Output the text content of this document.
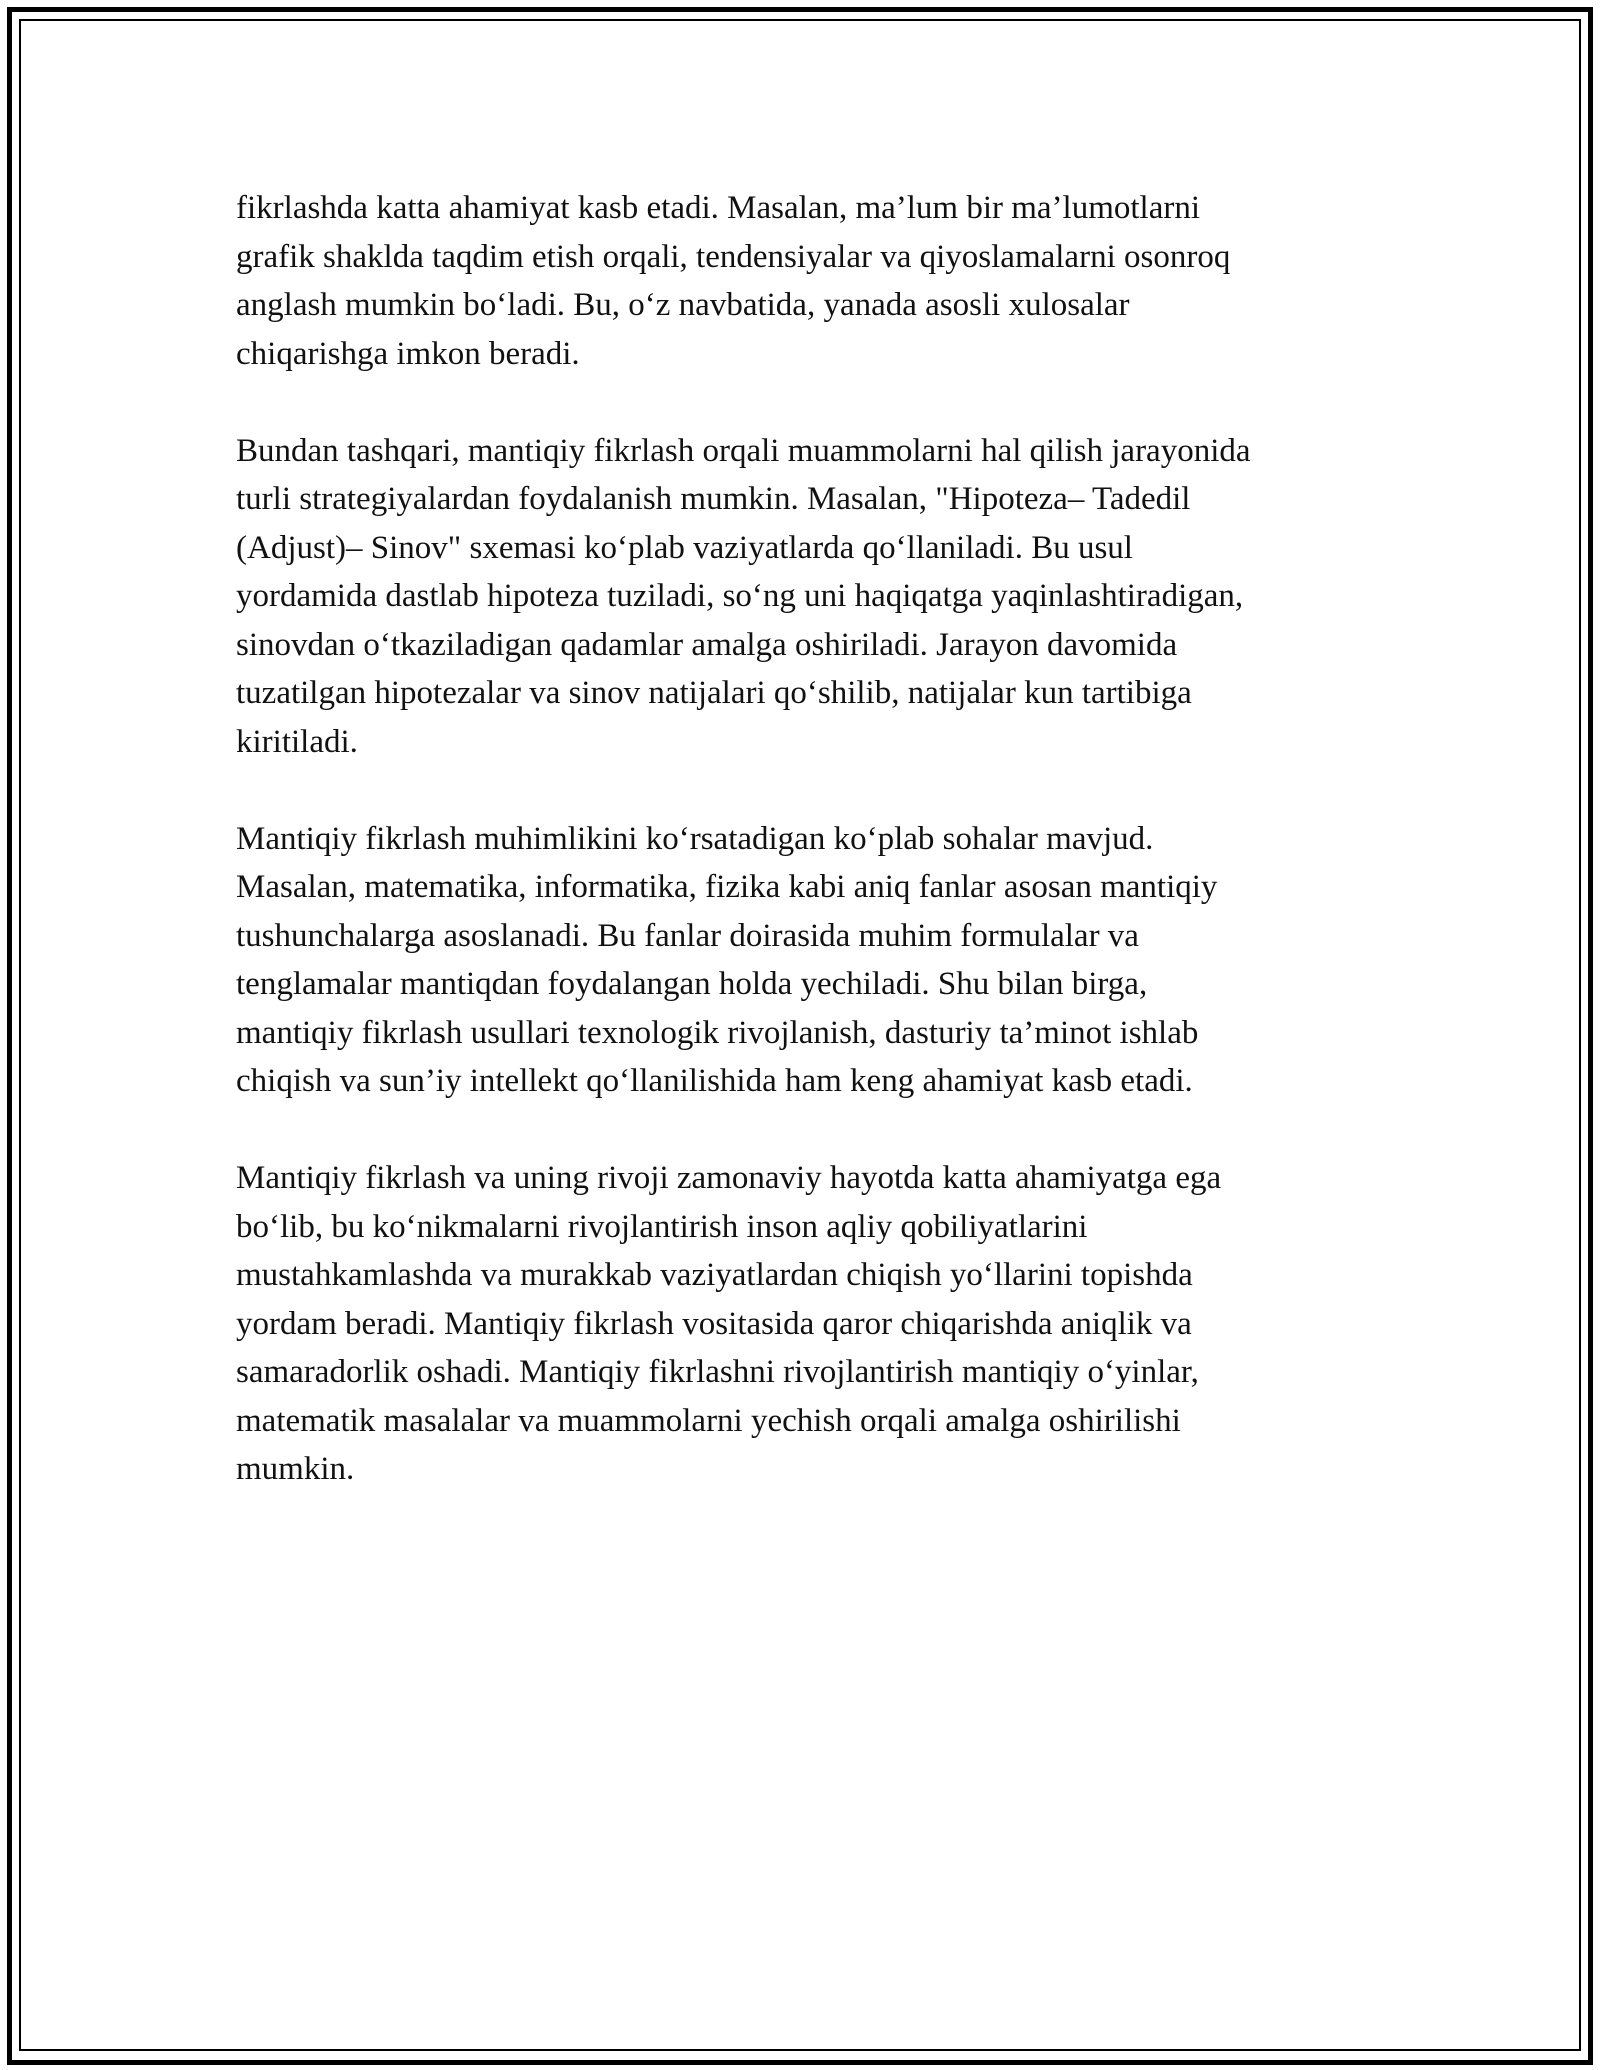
fikrlashda katta ahamiyat kasb etadi. Masalan, ma’lum bir ma’lumotlarni
grafik shaklda taqdim etish orqali, tendensiyalar va qiyoslamalarni osonroq
anglash mumkin bo‘ladi. Bu, o‘z navbatida, yanada asosli xulosalar
chiqarishga imkon beradi.

Bundan tashqari, mantiqiy fikrlash orqali muammolarni hal qilish jarayonida
turli strategiyalardan foydalanish mumkin. Masalan, "Hipoteza– Tadedil
(Adjust)– Sinov" sxemasi ko‘plab vaziyatlarda qo‘llaniladi. Bu usul
yordamida dastlab hipoteza tuziladi, so‘ng uni haqiqatga yaqinlashtiradigan,
sinovdan o‘tkaziladigan qadamlar amalga oshiriladi. Jarayon davomida
tuzatilgan hipotezalar va sinov natijalari qo‘shilib, natijalar kun tartibiga
kiritiladi.

Mantiqiy fikrlash muhimlikini ko‘rsatadigan ko‘plab sohalar mavjud.
Masalan, matematika, informatika, fizika kabi aniq fanlar asosan mantiqiy
tushunchalarga asoslanadi. Bu fanlar doirasida muhim formulalar va
tenglamalar mantiqdan foydalangan holda yechiladi. Shu bilan birga,
mantiqiy fikrlash usullari texnologik rivojlanish, dasturiy ta’minot ishlab
chiqish va sun’iy intellekt qo‘llanilishida ham keng ahamiyat kasb etadi.

Mantiqiy fikrlash va uning rivoji zamonaviy hayotda katta ahamiyatga ega
bo‘lib, bu ko‘nikmalarni rivojlantirish inson aqliy qobiliyatlarini
mustahkamlashda va murakkab vaziyatlardan chiqish yo‘llarini topishda
yordam beradi. Mantiqiy fikrlash vositasida qaror chiqarishda aniqlik va
samaradorlik oshadi. Mantiqiy fikrlashni rivojlantirish mantiqiy o‘yinlar,
matematik masalalar va muammolarni yechish orqali amalga oshirilishi
mumkin.
